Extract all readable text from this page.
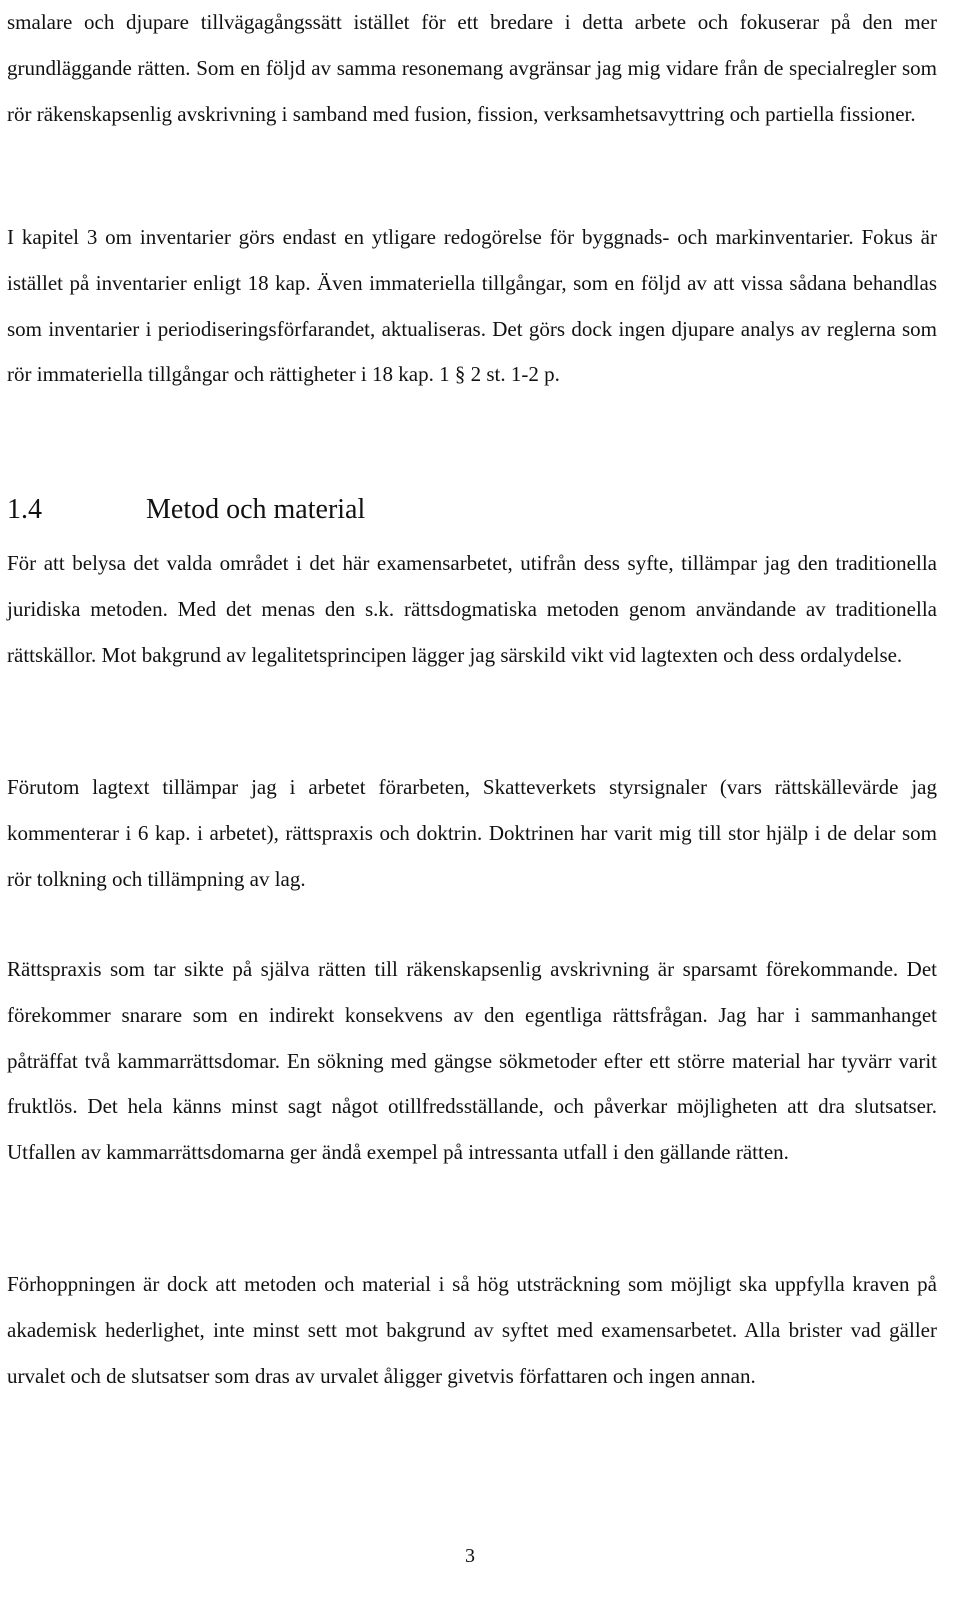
smalare och djupare tillvägagångssätt istället för ett bredare i detta arbete och fokuserar på den mer grundläggande rätten. Som en följd av samma resonemang avgränsar jag mig vidare från de specialregler som rör räkenskapsenlig avskrivning i samband med fusion, fission, verksamhetsavyttring och partiella fissioner.

I kapitel 3 om inventarier görs endast en ytligare redogörelse för byggnads- och markinventarier. Fokus är istället på inventarier enligt 18 kap. Även immateriella tillgångar, som en följd av att vissa sådana behandlas som inventarier i periodiseringsförfarandet, aktualiseras. Det görs dock ingen djupare analys av reglerna som rör immateriella tillgångar och rättigheter i 18 kap. 1 § 2 st. 1-2 p.

1.4	Metod och material

För att belysa det valda området i det här examensarbetet, utifrån dess syfte, tillämpar jag den traditionella juridiska metoden. Med det menas den s.k. rättsdogmatiska metoden genom användande av traditionella rättskällor. Mot bakgrund av legalitetsprincipen lägger jag särskild vikt vid lagtexten och dess ordalydelse.

Förutom lagtext tillämpar jag i arbetet förarbeten, Skatteverkets styrsignaler (vars rättskällevärde jag kommenterar i 6 kap. i arbetet), rättspraxis och doktrin. Doktrinen har varit mig till stor hjälp i de delar som rör tolkning och tillämpning av lag.

Rättspraxis som tar sikte på själva rätten till räkenskapsenlig avskrivning är sparsamt förekommande. Det förekommer snarare som en indirekt konsekvens av den egentliga rättsfrågan. Jag har i sammanhanget påträffat två kammarrättsdomar. En sökning med gängse sökmetoder efter ett större material har tyvärr varit fruktlös. Det hela känns minst sagt något otillfredsställande, och påverkar möjligheten att dra slutsatser. Utfallen av kammarrättsdomarna ger ändå exempel på intressanta utfall i den gällande rätten.

Förhoppningen är dock att metoden och material i så hög utsträckning som möjligt ska uppfylla kraven på akademisk hederlighet, inte minst sett mot bakgrund av syftet med examensarbetet. Alla brister vad gäller urvalet och de slutsatser som dras av urvalet åligger givetvis författaren och ingen annan.

3
